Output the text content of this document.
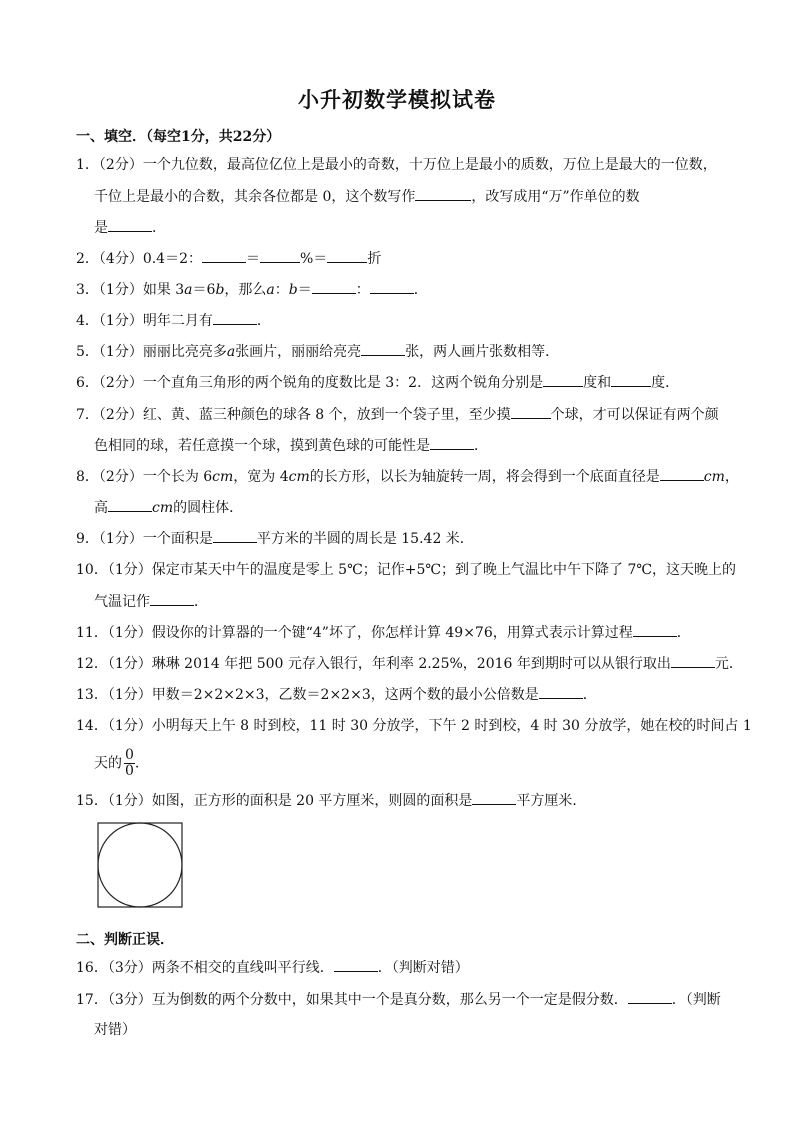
小升初数学模拟试卷
一、填空．（每空1分，共22分）
1．（2分）一个九位数，最高位亿位上是最小的奇数，十万位上是最小的质数，万位上是最大的一位数，
千位上是最小的合数，其余各位都是 0，这个数写作	，改写成用“万”作单位的数
是	．
2．（4分）0.4＝2：	＝	%＝	折
3．（1分）如果 3a＝6b，那么a：b＝	：	．
4．（1分）明年二月有	．
5．（1分）丽丽比亮亮多a张画片，丽丽给亮亮	张，两人画片张数相等．
6．（2分）一个直角三角形的两个锐角的度数比是 3：2．这两个锐角分别是	度和	度．
7．（2分）红、黄、蓝三种颜色的球各 8 个，放到一个袋子里，至少摸	个球，才可以保证有两个颜
色相同的球，若任意摸一个球，摸到黄色球的可能性是	．
8．（2分）一个长为 6cm，宽为 4cm的长方形，以长为轴旋转一周，将会得到一个底面直径是	cm，
高	cm的圆柱体．
9．（1分）一个面积是	平方米的半圆的周长是 15.42 米．
10．（1分）保定市某天中午的温度是零上 5℃；记作+5℃；到了晚上气温比中午下降了 7℃，这天晚上的
气温记作	．
11．（1分）假设你的计算器的一个键“4”坏了，你怎样计算 49×76，用算式表示计算过程	．
12．（1分）琳琳 2014 年把 500 元存入银行，年利率 2.25%，2016 年到期时可以从银行取出	元．
13．（1分）甲数＝2×2×2×3，乙数＝2×2×3，这两个数的最小公倍数是	．
14．（1分）小明每天上午 8 时到校，11 时 30 分放学，下午 2 时到校，4 时 30 分放学，她在校的时间占 1
天的 $\frac{0}{0}$ .
15．（1分）如图，正方形的面积是 20 平方厘米，则圆的面积是	平方厘米．
二、判断正误．
16．（3分）两条不相交的直线叫平行线．	．（判断对错）
17．（3分）互为倒数的两个分数中，如果其中一个是真分数，那么另一个一定是假分数．	．（判断
对错）
